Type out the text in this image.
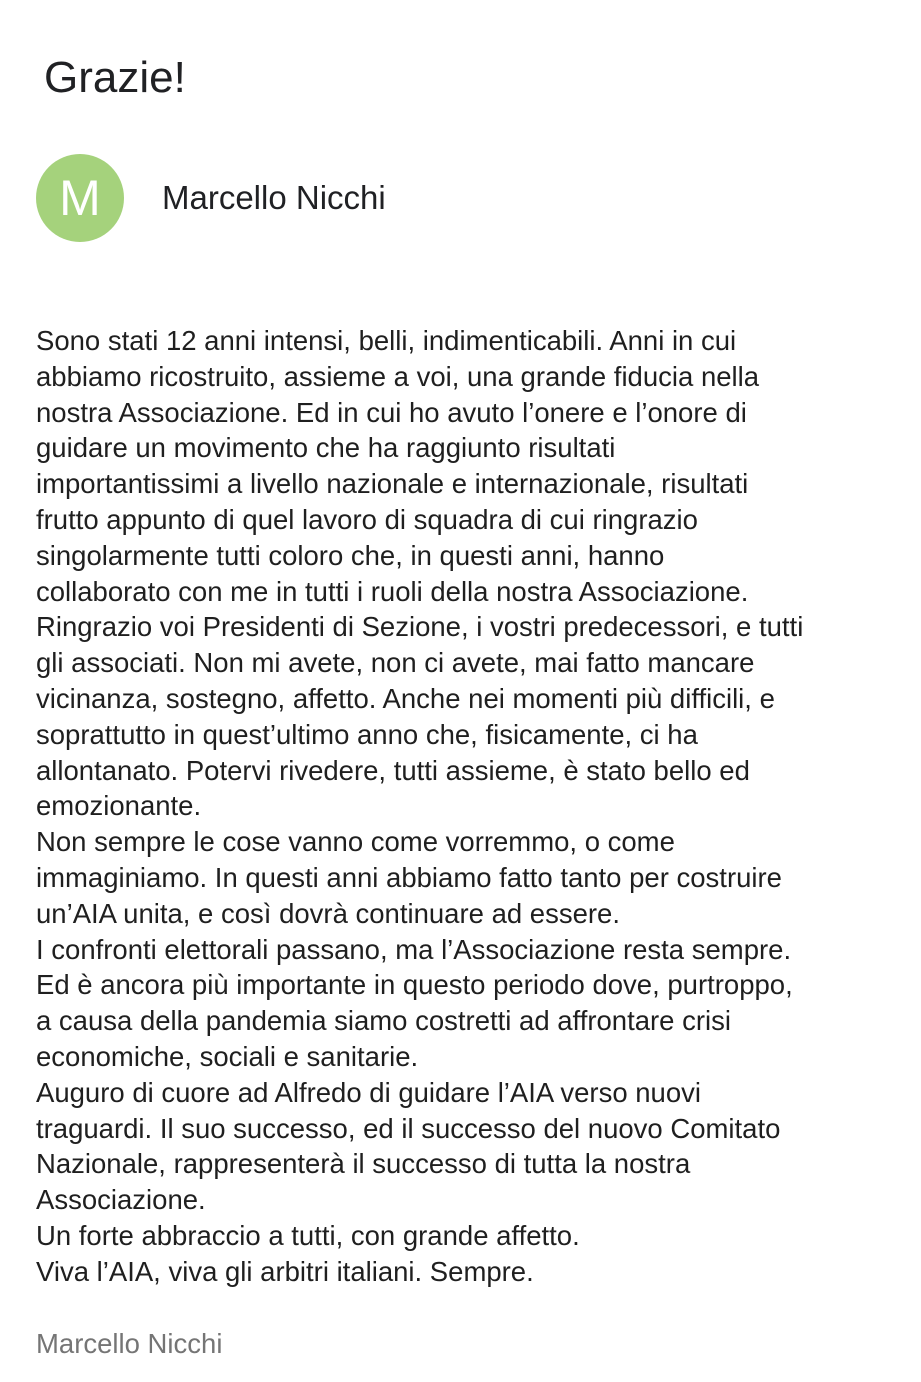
Grazie!
M	Marcello Nicchi

Sono stati 12 anni intensi, belli, indimenticabili. Anni in cui

abbiamo ricostruito, assieme a voi, una grande fiducia nella

nostra Associazione. Ed in cui ho avuto l’onere e l’onore di

guidare un movimento che ha raggiunto risultati

importantissimi a livello nazionale e internazionale, risultati

frutto appunto di quel lavoro di squadra di cui ringrazio

singolarmente tutti coloro che, in questi anni, hanno

collaborato con me in tutti i ruoli della nostra Associazione.

Ringrazio voi Presidenti di Sezione, i vostri predecessori, e tutti

gli associati. Non mi avete, non ci avete, mai fatto mancare

vicinanza, sostegno, affetto. Anche nei momenti più difficili, e

soprattutto in quest’ultimo anno che, fisicamente, ci ha

allontanato. Potervi rivedere, tutti assieme, è stato bello ed

emozionante.

Non sempre le cose vanno come vorremmo, o come

immaginiamo. In questi anni abbiamo fatto tanto per costruire

un’AIA unita, e così dovrà continuare ad essere.

I confronti elettorali passano, ma l’Associazione resta sempre.

Ed è ancora più importante in questo periodo dove, purtroppo,

a causa della pandemia siamo costretti ad affrontare crisi

economiche, sociali e sanitarie.

Auguro di cuore ad Alfredo di guidare l’AIA verso nuovi

traguardi. Il suo successo, ed il successo del nuovo Comitato

Nazionale, rappresenterà il successo di tutta la nostra

Associazione.

Un forte abbraccio a tutti, con grande affetto.

Viva l’AIA, viva gli arbitri italiani. Sempre.

Marcello Nicchi
